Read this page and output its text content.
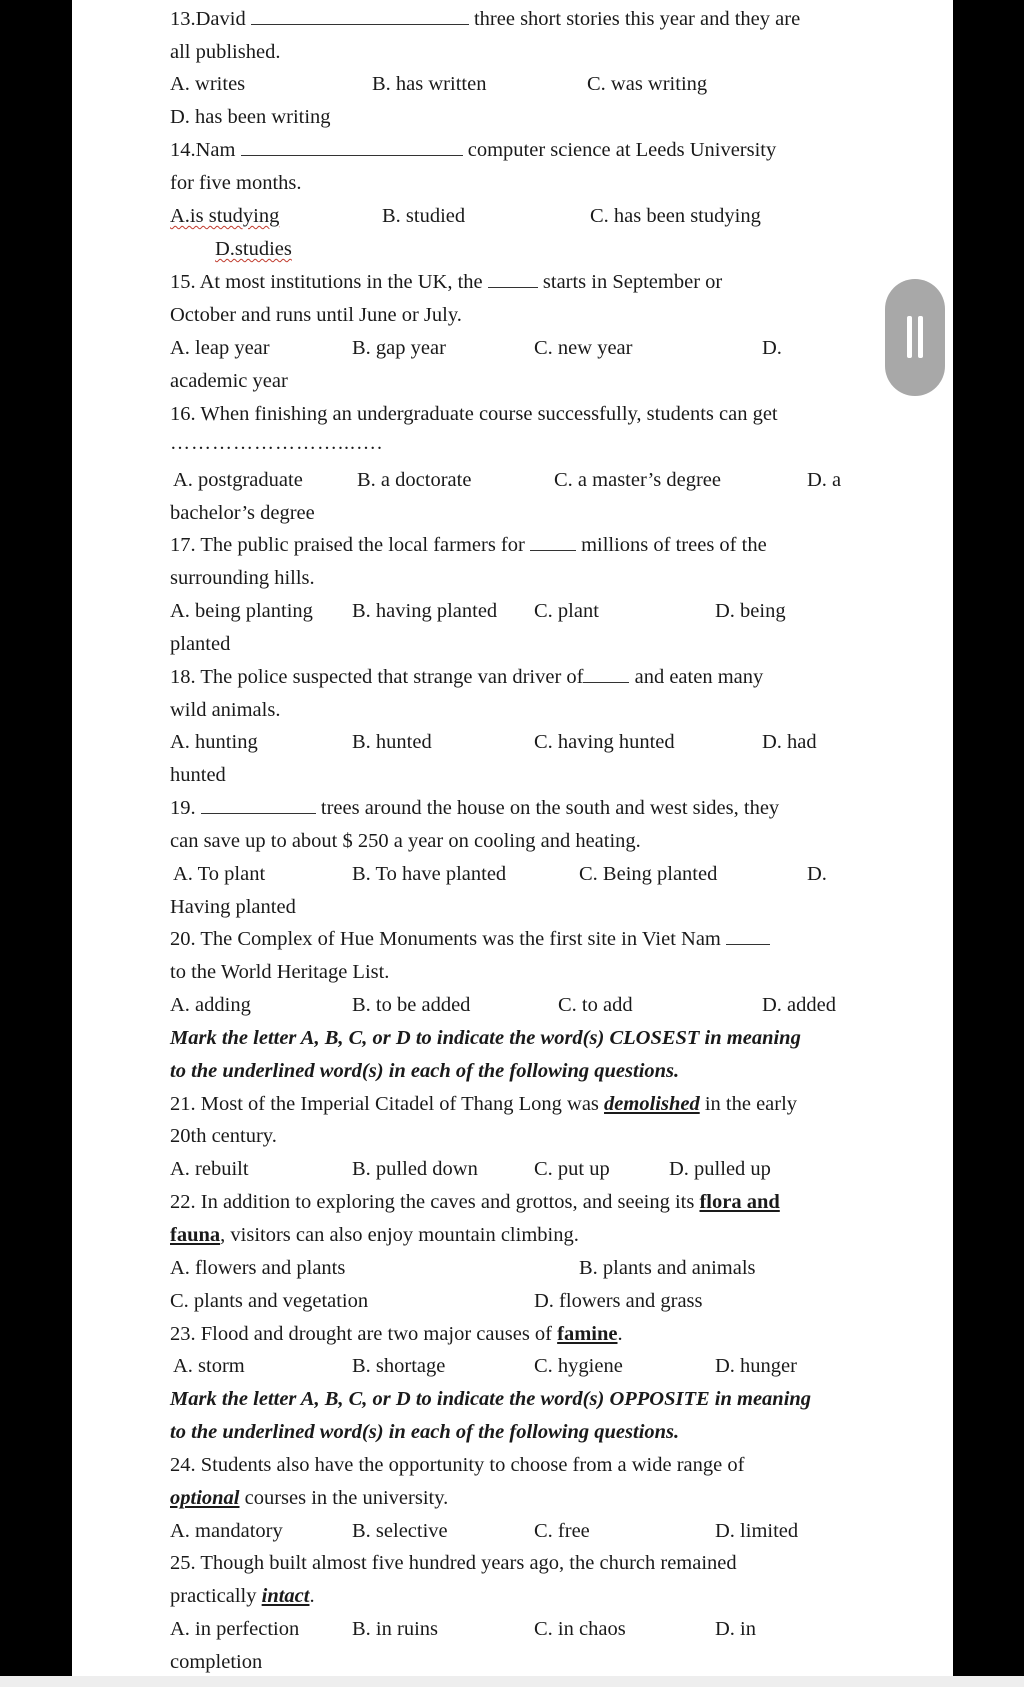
13.David	three short stories this year and they are
all published.
A. writes	B. has written	C. was writing
D. has been writing
14.Nam	computer science at Leeds University
for five months.
A.is studying	B. studied	C. has been studying
D.studies
15. At most institutions in the UK, the	starts in September or
October and runs until June or July.
A. leap year	B. gap year	C. new year	D.
academic year
16. When finishing an undergraduate course successfully, students can get
……………………...….
A. postgraduate	B. a doctorate	C. a master’s degree	D. a
bachelor’s degree
17. The public praised the local farmers for	millions of trees of the
surrounding hills.
A. being planting B. having planted C. plant	D. being
planted
18. The police suspected that strange van driver of and eaten many
wild animals.
A. hunting	B. hunted	C. having hunted	D. had
hunted
19.	trees around the house on the south and west sides, they
can save up to about $ 250 a year on cooling and heating.
A. To plant	B. To have planted	C. Being planted	D.
Having planted
20. The Complex of Hue Monuments was the first site in Viet Nam
to the World Heritage List.
A. adding	B. to be added	C. to add	D. added
Mark the letter A, B, C, or D to indicate the word(s) CLOSEST in meaning
to the underlined word(s) in each of the following questions.
21. Most of the Imperial Citadel of Thang Long was demolished in the early
20th century.
A. rebuilt	B. pulled down	C. put up	D. pulled up
22. In addition to exploring the caves and grottos, and seeing its flora and
fauna, visitors can also enjoy mountain climbing.
A. flowers and plants	B. plants and animals
C. plants and vegetation	D. flowers and grass
23. Flood and drought are two major causes of famine.
A. storm	B. shortage	C. hygiene	D. hunger
Mark the letter A, B, C, or D to indicate the word(s) OPPOSITE in meaning
to the underlined word(s) in each of the following questions.
24. Students also have the opportunity to choose from a wide range of
optional courses in the university.
A. mandatory	B. selective	C. free	D. limited
25. Though built almost five hundred years ago, the church remained
practically intact.
A. in perfection	B. in ruins	C. in chaos	D. in
completion
